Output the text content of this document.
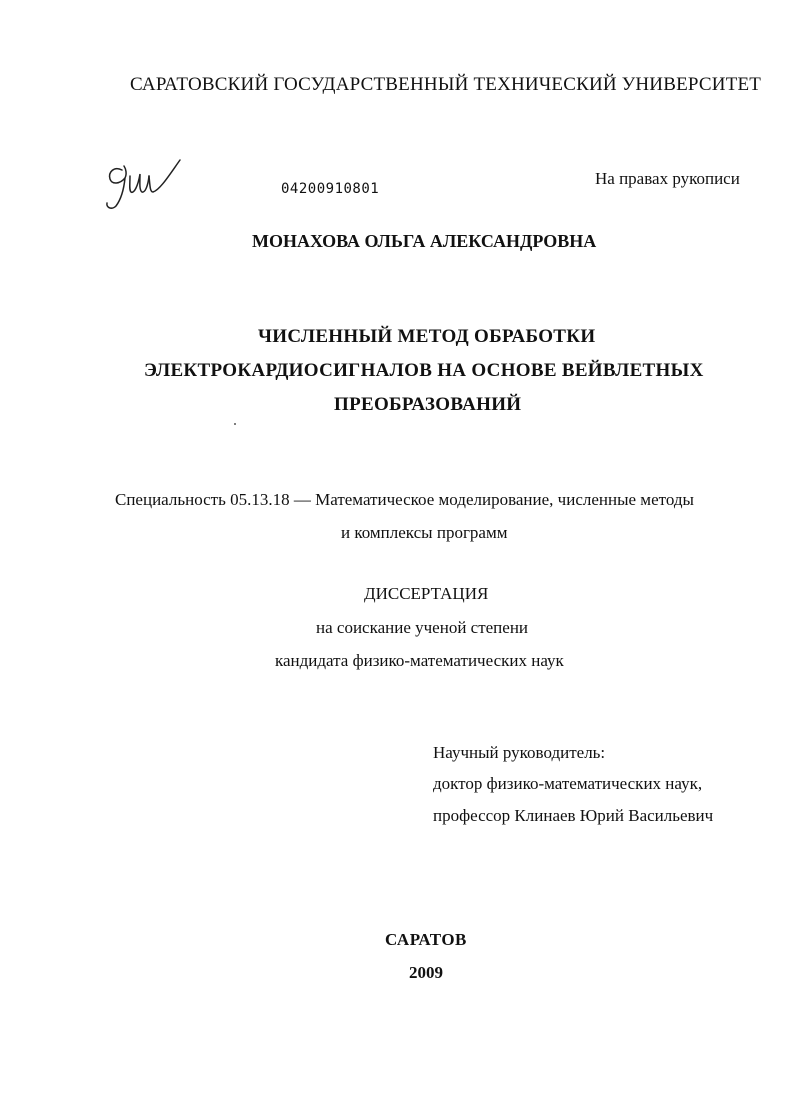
САРАТОВСКИЙ ГОСУДАРСТВЕННЫЙ ТЕХНИЧЕСКИЙ УНИВЕРСИТЕТ
04200910801
На правах рукописи
МОНАХОВА ОЛЬГА АЛЕКСАНДРОВНА
ЧИСЛЕННЫЙ МЕТОД ОБРАБОТКИ
ЭЛЕКТРОКАРДИОСИГНАЛОВ НА ОСНОВЕ ВЕЙВЛЕТНЫХ
ПРЕОБРАЗОВАНИЙ
Специальность 05.13.18 — Математическое моделирование, численные методы
и комплексы программ
ДИССЕРТАЦИЯ
на соискание ученой степени
кандидата физико-математических наук
Научный руководитель:
доктор физико-математических наук,
профессор Клинаев Юрий Васильевич
САРАТОВ
2009
